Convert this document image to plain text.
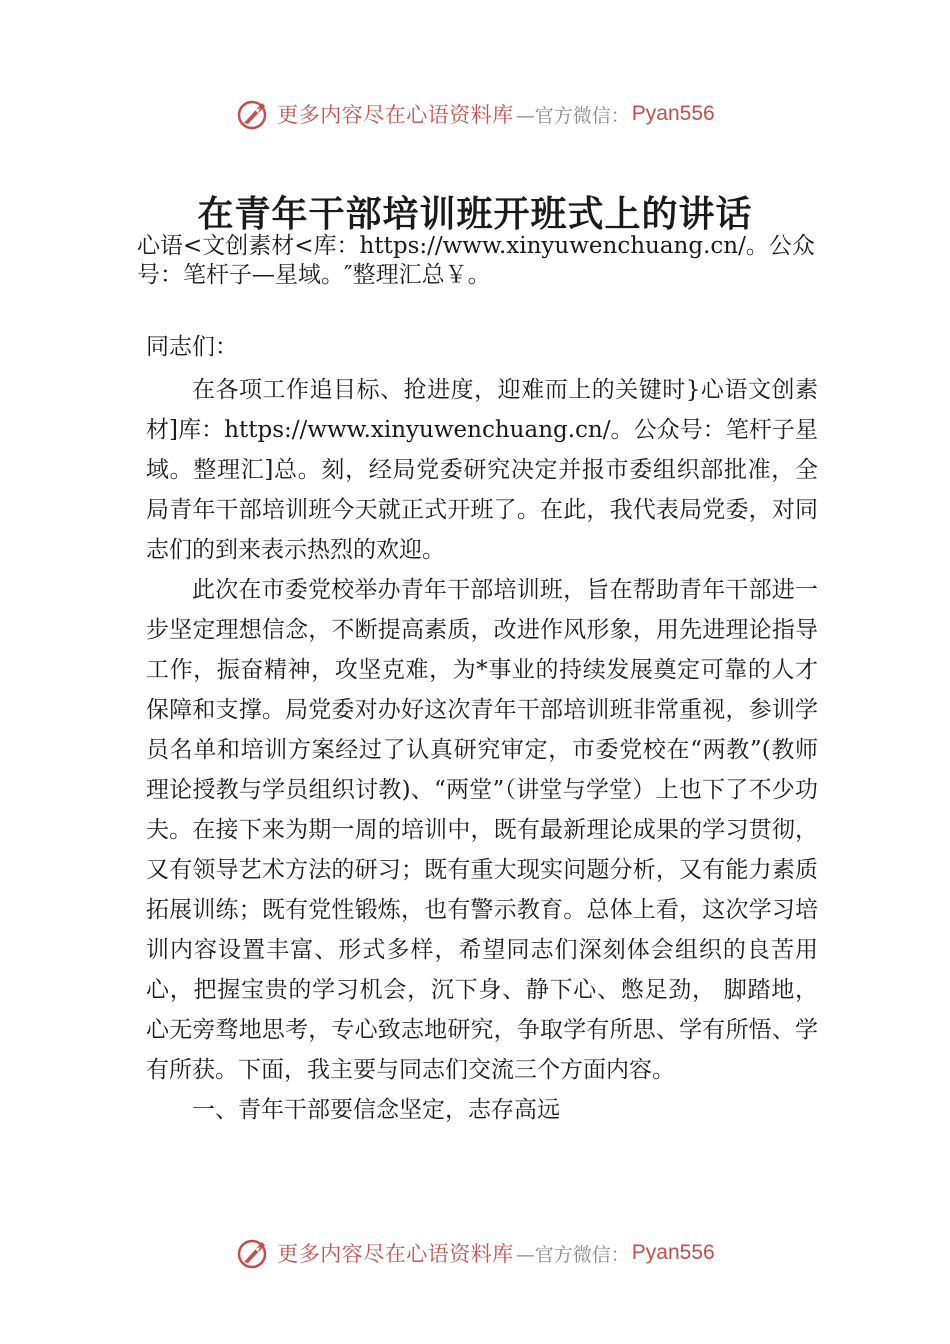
更多内容尽在心语资料库 —官方微信： Pyan556
在青年干部培训班开班式上的讲话

心语<文创素材<库：https://www.xinyuwenchuang.cn/。公众号：笔杆子—星域。″整理汇总￥。

同志们：

在各项工作追目标、抢进度，迎难而上的关键时}心语文创素材]库：https://www.xinyuwenchuang.cn/。公众号：笔杆子星域。整理汇]总。刻，经局党委研究决定并报市委组织部批准，全局青年干部培训班今天就正式开班了。在此，我代表局党委，对同志们的到来表示热烈的欢迎。

此次在市委党校举办青年干部培训班，旨在帮助青年干部进一步坚定理想信念，不断提高素质，改进作风形象，用先进理论指导工作，振奋精神，攻坚克难，为*事业的持续发展奠定可靠的人才保障和支撑。局党委对办好这次青年干部培训班非常重视，参训学员名单和培训方案经过了认真研究审定，市委党校在“两教”(教师理论授教与学员组织讨教)、“两堂”（讲堂与学堂）上也下了不少功夫。在接下来为期一周的培训中，既有最新理论成果的学习贯彻，又有领导艺术方法的研习；既有重大现实问题分析，又有能力素质拓展训练；既有党性锻炼，也有警示教育。总体上看，这次学习培训内容设置丰富、形式多样，希望同志们深刻体会组织的良苦用心，把握宝贵的学习机会，沉下身、静下心、憋足劲， 脚踏地，心无旁骛地思考，专心致志地研究，争取学有所思、学有所悟、学有所获。下面，我主要与同志们交流三个方面内容。

一、青年干部要信念坚定，志存高远

更多内容尽在心语资料库 —官方微信： Pyan556
